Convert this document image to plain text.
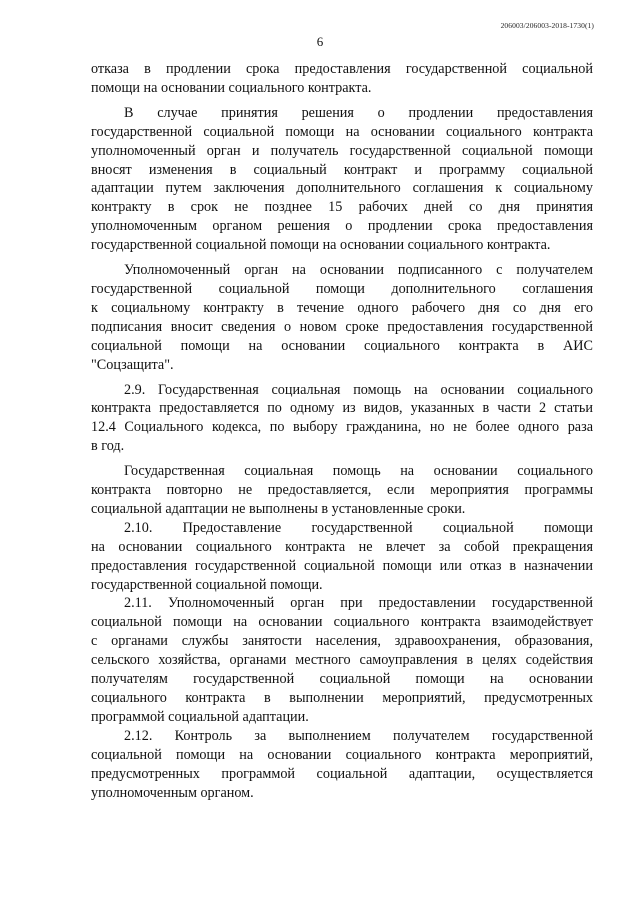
206003/206003-2018-1730(1)
6
отказа в продлении срока предоставления государственной социальной
помощи на основании социального контракта.
В случае принятия решения о продлении предоставления
государственной социальной помощи на основании социального контракта
уполномоченный орган и получатель государственной социальной помощи
вносят изменения в социальный контракт и программу социальной
адаптации путем заключения дополнительного соглашения к социальному
контракту в срок не позднее 15 рабочих дней со дня принятия
уполномоченным органом решения о продлении срока предоставления
государственной социальной помощи на основании социального контракта.
Уполномоченный орган на основании подписанного с получателем
государственной социальной помощи дополнительного соглашения
к социальному контракту в течение одного рабочего дня со дня его
подписания вносит сведения о новом сроке предоставления государственной
социальной помощи на основании социального контракта в АИС
"Соцзащита".
2.9. Государственная социальная помощь на основании социального
контракта предоставляется по одному из видов, указанных в части 2 статьи
12.4 Социального кодекса, по выбору гражданина, но не более одного раза
в год.
Государственная социальная помощь на основании социального
контракта повторно не предоставляется, если мероприятия программы
социальной адаптации не выполнены в установленные сроки.
2.10. Предоставление государственной социальной помощи
на основании социального контракта не влечет за собой прекращения
предоставления государственной социальной помощи или отказ в назначении
государственной социальной помощи.
2.11. Уполномоченный орган при предоставлении государственной
социальной помощи на основании социального контракта взаимодействует
с органами службы занятости населения, здравоохранения, образования,
сельского хозяйства, органами местного самоуправления в целях содействия
получателям государственной социальной помощи на основании
социального контракта в выполнении мероприятий, предусмотренных
программой социальной адаптации.
2.12. Контроль за выполнением получателем государственной
социальной помощи на основании социального контракта мероприятий,
предусмотренных программой социальной адаптации, осуществляется
уполномоченным органом.
